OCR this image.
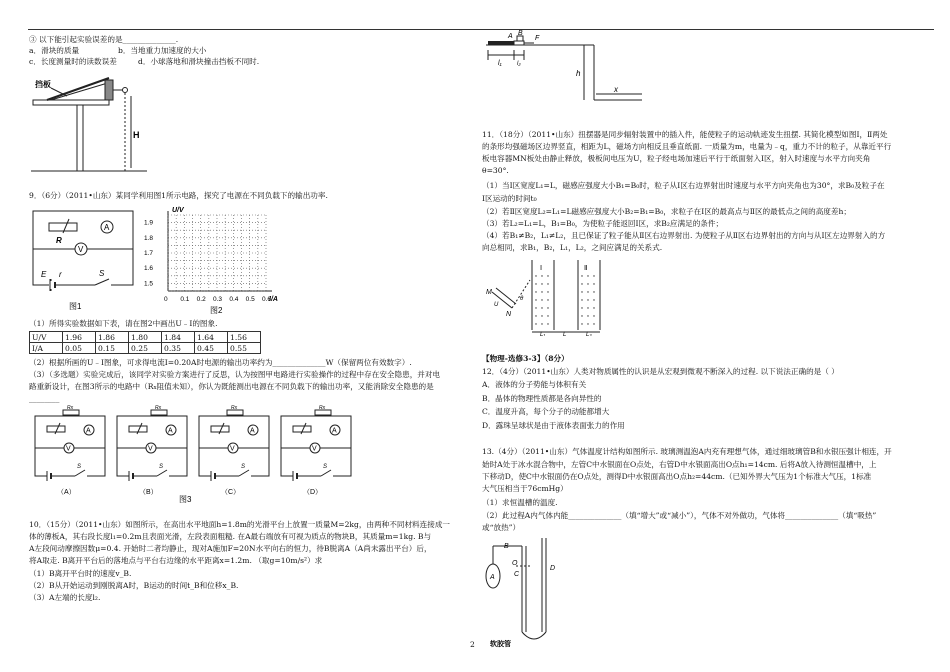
③ 以下能引起实验误差的是______________.
a．滑块的质量	b．当地重力加速度的大小
c．长度测量时的读数误差	d．小球落地和滑块撞击挡板不同时.
挡板
H
9．（6分）（2011•山东）某同学利用图1所示电路，探究了电源在不同负载下的输出功率.
R
A
V
E r	S
图1
1.9
1.8
1.7
1.6
1.5
0 0.1 0.2 0.3 0.4 0.5 0.6
U/V
I/A
图2
（1）所得实验数据如下表，请在图2中画出U﹣I的图象.
U/V	1.96	1.86	1.80	1.84	1.64	1.56
I/A	0.05	0.15	0.25	0.35	0.45	0.55
（2）根据所画的U﹣I图象，可求得电流I=0.20A时电源的输出功率约为______________W（保留两位有效数字）.
（3）（多选题）实验完成后，该同学对实验方案进行了反思，认为按图甲电路进行实验操作的过程中存在安全隐患，并对电
路重新设计，在图3所示的电路中（Rx阻值未知），你认为既能测出电源在不同负载下的输出功率，又能消除安全隐患的是
________
Rx
A
V
S
（A）
Rx
A
V
S
（B）
Rx
A
V
S
（C）
Rx
A
V
S
（D）
图3
10．（15分）（2011•山东）如图所示，在高出水平地面h=1.8m的光滑平台上放置一质量M=2kg，由两种不同材料连接成一
体的薄板A，其右段长度l₁=0.2m且表面光滑，左段表面粗糙. 在A最右端放有可视为质点的物块B，其质量m=1kg. B与
A左段间动摩擦因数μ=0.4. 开始时二者均静止，现对A施加F=20N水平向右的恒力，待B脱离A（A尚未露出平台）后，
将A取走. B离开平台后的落地点与平台右边缘的水平距离x=1.2m. （取g=10m/s²）求
（1）B离开平台时的速度v_B.
（2）B从开始运动到刚脱离A时，B运动的时间t_B和位移x_B.
（3）A左端的长度l₂.
B
A	F
l₁	l₂
h
x
11．（18分）（2011•山东）扭摆器是同步辐射装置中的插入件，能使粒子的运动轨迹发生扭摆. 其简化模型如图Ⅰ，Ⅱ两处
的条形均强磁场区边界竖直，相距为L，磁场方向相反且垂直纸面. 一质量为m，电量为﹣q，重力不计的粒子，从靠近平行
板电容器MN板处由静止释放，极板间电压为U，粒子经电场加速后平行于纸面射入Ⅰ区，射入时速度与水平方向夹角
θ=30°.
（1）当Ⅰ区宽度L₁=L，磁感应强度大小B₁=B₀时，粒子从Ⅰ区右边界射出时速度与水平方向夹角也为30°，求B₀及粒子在
Ⅰ区运动的时间t₀
（2）若Ⅱ区宽度L₂=L₁=L磁感应强度大小B₂=B₁=B₀，求粒子在Ⅰ区的最高点与Ⅱ区的最低点之间的高度差h；
（3）若L₂=L₁=L，B₁=B₀，为使粒子能返回Ⅰ区，求B₂应满足的条件；
（4）若B₁≠B₂，L₁≠L₂，且已保证了粒子能从Ⅱ区右边界射出. 为使粒子从Ⅱ区右边界射出的方向与从Ⅰ区左边界射入的方
向总相同，求B₁，B₂，L₁，L₂，之间应满足的关系式.
M
N
U
θ
Ⅰ	Ⅱ
L₁	L	L₂
【物理-选修3-3】（8分）
12．（4分）（2011•山东）人类对物质属性的认识是从宏观到微观不断深入的过程. 以下说法正确的是（ ）
A．液体的分子势能与体积有关
B．晶体的物理性质都是各向异性的
C．温度升高，每个分子的动能都增大
D．露珠呈球状是由于液体表面张力的作用
13.（4分）（2011•山东）气体温度计结构如图所示. 玻璃测温泡A内充有理想气体，通过细玻璃管B和水银压强计相连，开
始时A处于冰水混合物中，左管C中水银面在O点处，右管D中水银面高出O点h₁=14cm. 后将A放入待测恒温槽中，上
下移动D，使C中水银面仍在O点处，测得D中水银面高出O点h₂=44cm.（已知外界大气压为1个标准大气压，1标准
大气压相当于76cmHg）
（1）求恒温槽的温度.
（2）此过程A内气体内能______________（填“增大”或“减小”），气体不对外做功，气体将______________（填“吸热”
或“放热”）
A
B
O
C
D
软胶管
2
